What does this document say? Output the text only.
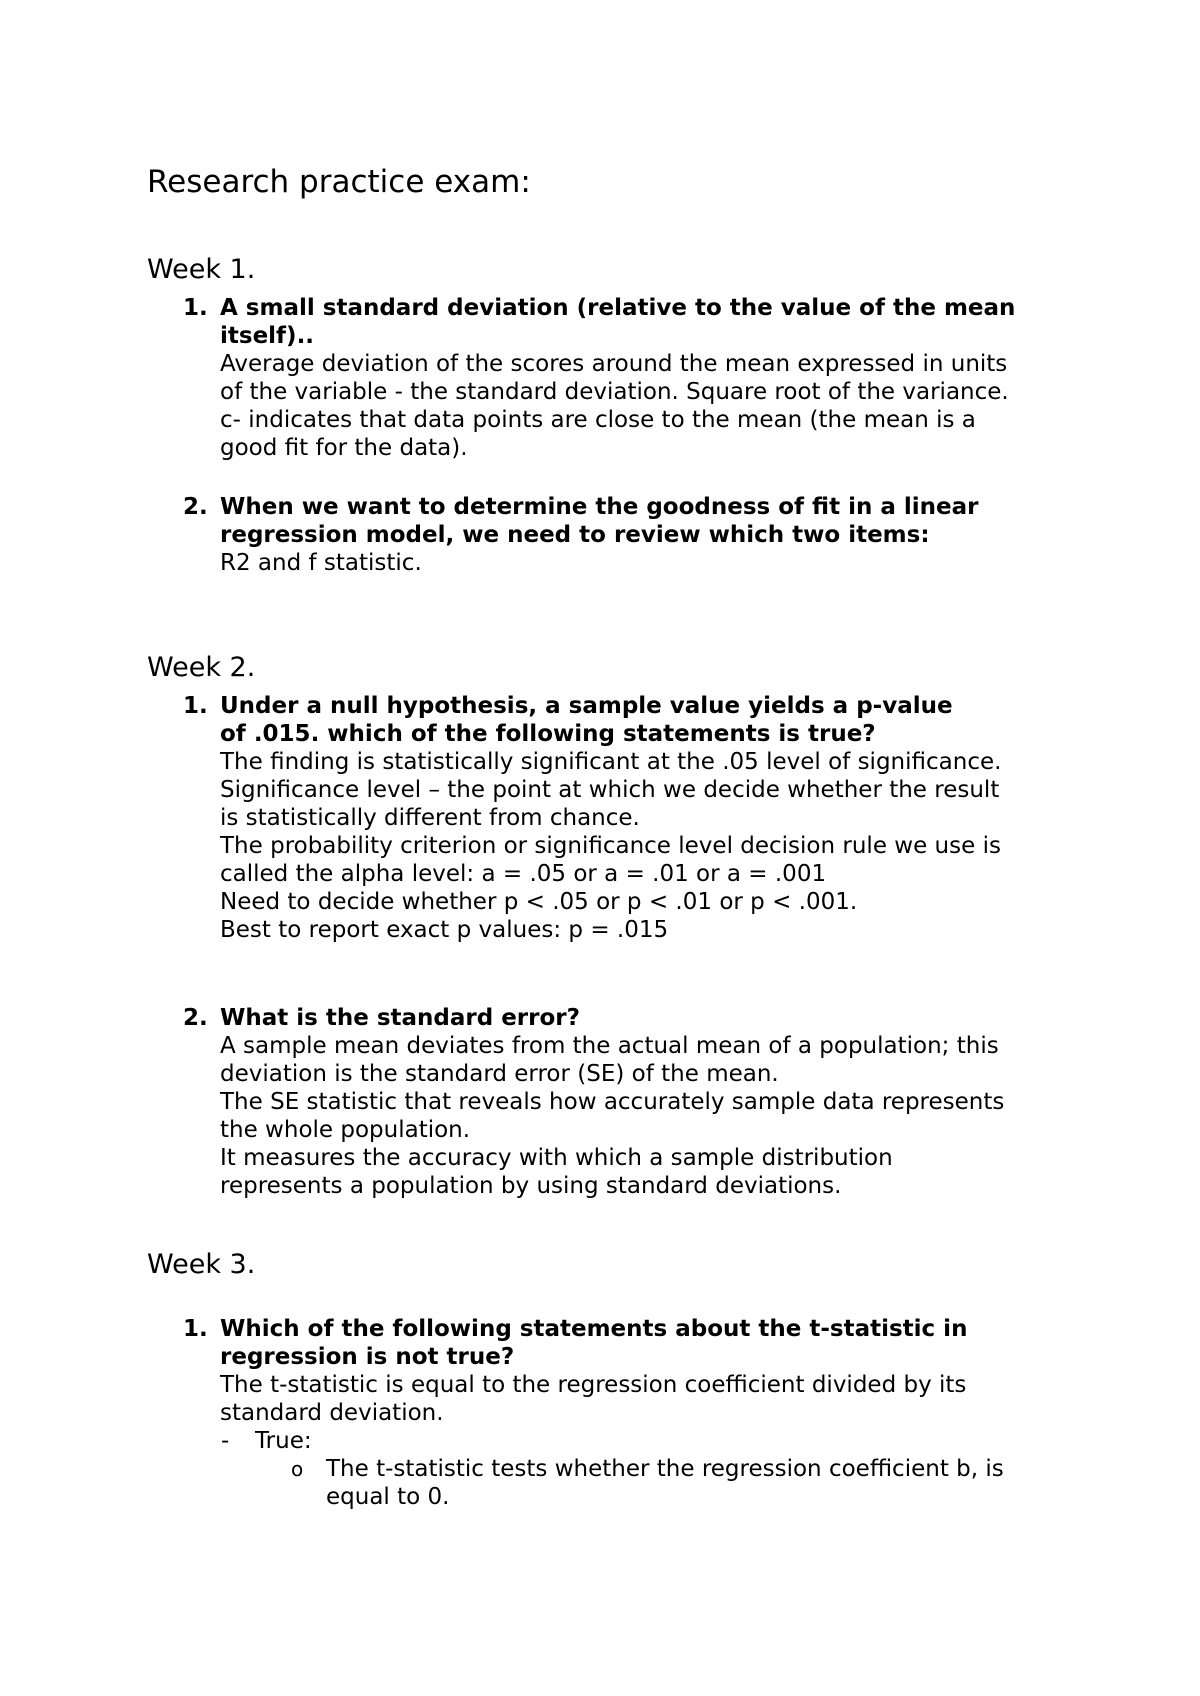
Research practice exam:
Week 1.
1. A small standard deviation (relative to the value of the mean
itself)..
Average deviation of the scores around the mean expressed in units
of the variable - the standard deviation. Square root of the variance.
c- indicates that data points are close to the mean (the mean is a
good fit for the data).
2. When we want to determine the goodness of fit in a linear
regression model, we need to review which two items:
R2 and f statistic.
Week 2.
1. Under a null hypothesis, a sample value yields a p-value
of .015. which of the following statements is true?
The finding is statistically significant at the .05 level of significance.
Significance level – the point at which we decide whether the result
is statistically different from chance.
The probability criterion or significance level decision rule we use is
called the alpha level: a = .05 or a = .01 or a = .001
Need to decide whether p < .05 or p < .01 or p < .001.
Best to report exact p values: p = .015
2. What is the standard error?
A sample mean deviates from the actual mean of a population; this
deviation is the standard error (SE) of the mean.
The SE statistic that reveals how accurately sample data represents
the whole population.
It measures the accuracy with which a sample distribution
represents a population by using standard deviations.
Week 3.
1. Which of the following statements about the t-statistic in
regression is not true?
The t-statistic is equal to the regression coefficient divided by its
standard deviation.
- True:
o The t-statistic tests whether the regression coefficient b, is
equal to 0.
